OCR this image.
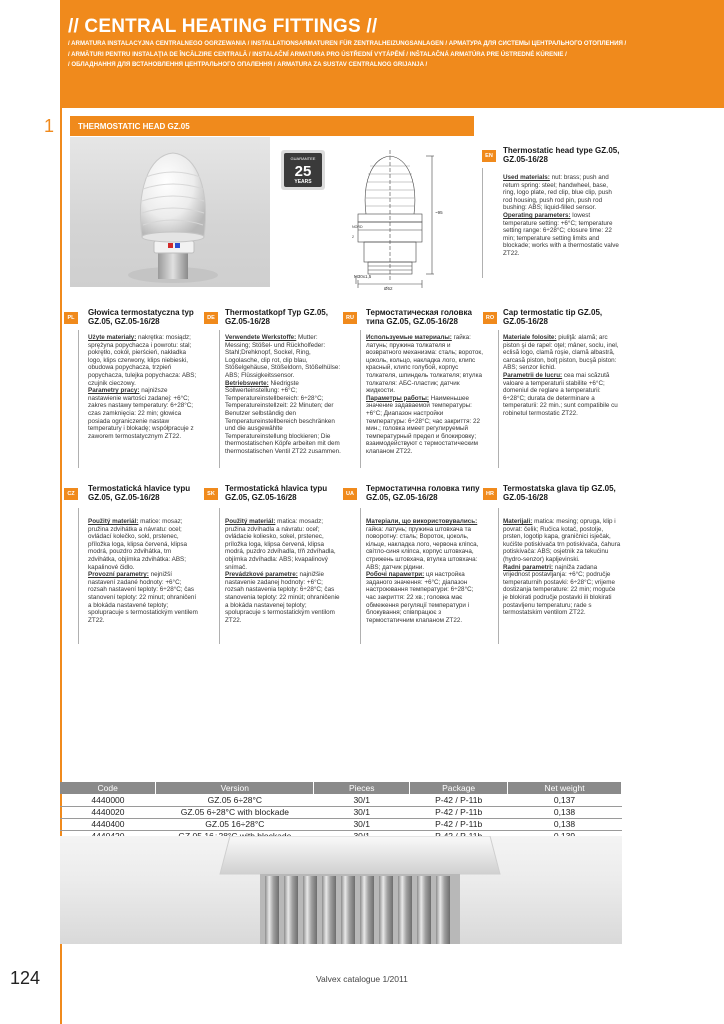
// CENTRAL HEATING FITTINGS //
/ ARMATURA INSTALACYJNA CENTRALNEGO OGRZEWANIA / INSTALLATIONSARMATUREN FÜR ZENTRALHEIZUNGSANLAGEN / АРМАТУРА ДЛЯ СИСТЕМЫ ЦЕНТРАЛЬНОГО ОТОПЛЕНИЯ /
/ ARMĂTURI PENTRU INSTALAŢIA DE ÎNCĂLZIRE CENTRALĂ / INSTALAČNÍ ARMATURA PRO ÚSTŘEDNÍ VYTÁPĚNÍ / INŠTALAČNÁ ARMATÚRA PRE ÚSTREDNÉ KÚRENIE /
/ ОБЛАДНАННЯ ДЛЯ ВСТАНОВЛЕННЯ ЦЕНТРАЛЬНОГО ОПАЛЕННЯ / ARMATURA ZA SUSTAV CENTRALNOG GRIJANJA /
1	THERMOSTATIC HEAD GZ.05
GUARANTEE
25
YEARS
~95
M30x1,5
Ø52
NORD
2
EN
Thermostatic head type GZ.05, GZ.05-16/28

Used materials: nut: brass; push and return spring: steel; handwheel, base, ring, logo plate, red clip, blue clip, push rod housing, push rod pin, push rod bushing: ABS; liquid-filled sensor.

Operating parameters: lowest temperature setting: +6°C; temperature setting range: 6÷28°C; closure time: 22 min; temperature setting limits and blockade; works with a thermostatic valve ZT22.

PL
Głowica termostatyczna typ GZ.05, GZ.05-16/28

Użyte materiały: nakrętka: mosiądz; sprężyna popychacza i powrotu: stal; pokrętło, cokół, pierścień, nakładka logo, klips czerwony, klips niebieski, obudowa popychacza, trzpień popychacza, tulejka popychacza: ABS; czujnik cieczowy.

Parametry pracy: najniższe nastawienie wartości zadanej: +6°C; zakres nastawy temperatury: 6÷28°C; czas zamknięcia: 22 min; głowica posiada ograniczenie nastaw temperatury i blokadę; współpracuje z zaworem termostatycznym ZT22.

DE
Thermostatkopf Typ GZ.05, GZ.05-16/28

Verwendete Werkstoffe: Mutter: Messing; Stößel- und Rückholfeder: Stahl;Drehknopf, Sockel, Ring, Logolasche, clip rot, clip blau, Stößelgehäuse, Stößeldorn, Stößelhülse: ABS; Flüssigkeitssensor.

Betriebswerte: Niedrigste Sollwerteinstellung: +6°C; Temperatureinstellbereich: 6÷28°C; Temperatureinstellzeit: 22 Minuten; der Benutzer selbständig den Temperatureinstellbereich beschränken und die ausgewählte Temperatureinstellung blockieren; Die thermostatischen Köpfe arbeiten mit dem thermostatischen Ventil ZT22 zusammen.

RU
Термостатическая головка типа GZ.05, GZ.05-16/28

Используемые материалы: гайка: латунь; пружина толкателя и возвратного механизма: сталь; вороток, цоколь, кольцо, накладка лого, клипс красный, клипс голубой, корпус толкателя, шпиндель толкателя; втулка толкателя: АБС-пластик; датчик жидкости.

Параметры работы: Наименьшее значение задаваемой температуры: +6°C; Диапазон настройки температуры: 6÷28°C; час закриття: 22 мин.; головка имеет регулируемый температурный предел и блокировку; взаимодействуют с термостатическим клапаном ZT22.

RO
Cap termostatic tip GZ.05, GZ.05-16/28

Materiale folosite: piuliţă: alamă; arc piston şi de rapel: oţel; mâner, soclu, inel, eclisă logo, clamă roşie, clamă albastră, carcasă piston, bolţ piston, bucşă piston: ABS; senzor lichid.

Parametrii de lucru: cea mai scăzută valoare a temperaturii stabilite +6°C; domeniul de reglare a temperaturii: 6÷28°C; durata de determinare a temperaturii: 22 min.; sunt compatibile cu robinetul termostatic ZT22.

CZ
Termostatická hlavice typu GZ.05, GZ.05-16/28

Použitý materiál: matice: mosaz; pružina zdvihátka a návratu: ocel; ovládací kolečko, sokl, prstenec, příložka loga, klipsa červená, klipsa modrá, pouzdro zdvihátka, trn zdvihátka, objímka zdvihátka: ABS; kapalinové čidlo.

Provozní parametry: nejnižší nastavení zadané hodnoty: +6°C; rozsah nastavení teploty: 6÷28°C; čas stanovení teploty: 22 minut; ohraničení a blokáda nastavené teploty; spolupracuje s termostatickým ventilem ZT22.

SK
Termostatická hlavica typu GZ.05, GZ.05-16/28

Použitý materiál: matica: mosadz; pružina zdvíhadla a návratu: oceľ; ovládacie koliesko, sokel, prstenec, príložka loga, klipsa červená, klipsa modrá, puzdro zdvíhadla, tŕň zdvíhadla, objímka zdvíhadla: ABS; kvapalinový snímač.

Prevádzkové parametre: najnižšie nastavenie zadanej hodnoty: +6°C; rozsah nastavenia teploty: 6÷28°C; čas stanovenia teploty: 22 minút; ohraničenie a blokáda nastavenej teploty; spolupracuje s termostatickým ventilom ZT22.

UA
Термостатична головка типу GZ.05, GZ.05-16/28

Матеріали, що використовувались: гайка: латунь; пружина штовхача та поворотну: сталь; Вороток, цоколь, кільце, накладка лого, червона кліпса, світло-синя кліпса, корпус штовхача, стрижень штовхача, втулка штовхача: ABS; датчик рідини.

Робочі параметри: ця настройка заданого значення: +6°C; діапазон настроювання температури: 6÷28°C; час закриття: 22 хв.; головка має обмеження регуляції температури і блокування; співпрацює з термостатичним клапаном ZT22.

HR
Termostatska glava tip GZ.05, GZ.05-16/28

Materijali: matica: mesing; opruga, klip i povrat: čelik; Ručica kotač, postolje, prsten, logotip kapa, graničnici isječak, kućište potiskivača trn potiskivača, čahura potiskivača: ABS; osjetnik za tekućinu (hydro-senzor) kapljevinski.

Radni parametri: najniža zadana vrijednost postavljanja: +6°C; područje temperaturnih postavki: 6÷28°C; vrijeme dostizanja temperature: 22 min; moguće je blokirati područje postavki ili blokirati postavljenu temperaturu; rade s termostatskim ventilom ZT22.

Code	Version	Pieces	Package	Net weight
4440000	GZ.05 6÷28°C	30/1	P-42 / P-11b	0,137
4440020	GZ.05 6÷28°C with blockade	30/1	P-42 / P-11b	0,138
4440400	GZ.05 16÷28°C	30/1	P-42 / P-11b	0,138

124	Valvex catalogue 1/2011
